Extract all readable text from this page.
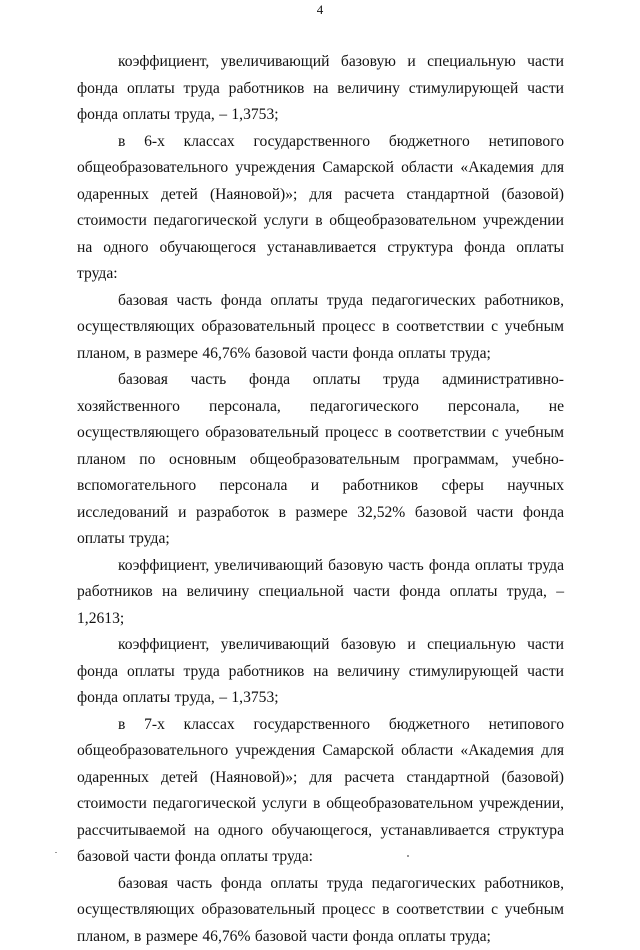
4

коэффициент, увеличивающий базовую и специальную части фонда оплаты труда работников на величину стимулирующей части фонда оплаты труда, – 1,3753;

в 6-х классах государственного бюджетного нетипового общеобразовательного учреждения Самарской области «Академия для одаренных детей (Наяновой)»; для расчета стандартной (базовой) стоимости педагогической услуги в общеобразовательном учреждении на одного обучающегося устанавливается структура фонда оплаты труда:

базовая часть фонда оплаты труда педагогических работников, осуществляющих образовательный процесс в соответствии с учебным планом, в размере 46,76% базовой части фонда оплаты труда;

базовая часть фонда оплаты труда административно-хозяйственного персонала, педагогического персонала, не осуществляющего образовательный процесс в соответствии с учебным планом по основным общеобразовательным программам, учебно-вспомогательного персонала и работников сферы научных исследований и разработок в размере 32,52% базовой части фонда оплаты труда;

коэффициент, увеличивающий базовую часть фонда оплаты труда работников на величину специальной части фонда оплаты труда, – 1,2613;

коэффициент, увеличивающий базовую и специальную части фонда оплаты труда работников на величину стимулирующей части фонда оплаты труда, – 1,3753;

в 7-х классах государственного бюджетного нетипового общеобразовательного учреждения Самарской области «Академия для одаренных детей (Наяновой)»; для расчета стандартной (базовой) стоимости педагогической услуги в общеобразовательном учреждении, рассчитываемой на одного обучающегося, устанавливается структура базовой части фонда оплаты труда:

базовая часть фонда оплаты труда педагогических работников, осуществляющих образовательный процесс в соответствии с учебным планом, в размере 46,76% базовой части фонда оплаты труда;
